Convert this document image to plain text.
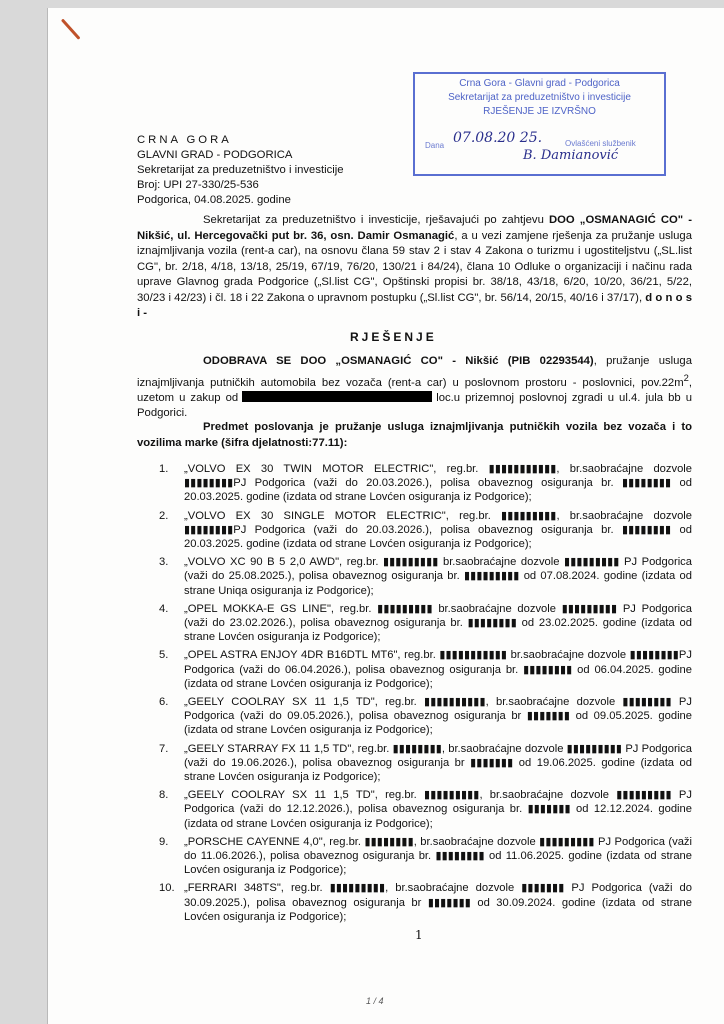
Crna Gora - Glavni grad - Podgorica
Sekretarijat za preduzetništvo i investicije
RJEŠENJE JE IZVRŠNO
Dana 07.08.20 25.	Ovlašćeni službenik
B. Damianović
CRNA GORA
GLAVNI GRAD - PODGORICA
Sekretarijat za preduzetništvo i investicije
Broj: UPI 27-330/25-536
Podgorica, 04.08.2025. godine
Sekretarijat za preduzetništvo i investicije, rješavajući po zahtjevu DOO „OSMANAGIĆ CO" - Nikšić, ul. Hercegovački put br. 36, osn. Damir Osmanagić, a u vezi zamjene rješenja za pružanje usluga iznajmljivanja vozila (rent-a car), na osnovu člana 59 stav 2 i stav 4 Zakona o turizmu i ugostiteljstvu („SL.list CG", br. 2/18, 4/18, 13/18, 25/19, 67/19, 76/20, 130/21 i 84/24), člana 10 Odluke o organizaciji i načinu rada uprave Glavnog grada Podgorice („Sl.list CG", Opštinski propisi br. 38/18, 43/18, 6/20, 10/20, 36/21, 5/22, 30/23 i 42/23) i čl. 18 i 22 Zakona o upravnom postupku („Sl.list CG", br. 56/14, 20/15, 40/16 i 37/17), d o n o s i -
RJEŠENJE
ODOBRAVA SE DOO „OSMANAGIĆ CO" - Nikšić (PIB 02293544), pružanje usluga iznajmljivanja putničkih automobila bez vozača (rent-a car) u poslovnom prostoru - poslovnici, $pov.22m^2$, uzetom u zakup od	loc.u prizemnoj poslovnoj zgradi u ul.4. jula bb u Podgorici.
Predmet poslovanja je pružanje usluga iznajmljivanja putničkih vozila bez vozača i to vozilima marke (šifra djelatnosti:77.11):
1. „VOLVO EX 30 TWIN MOTOR ELECTRIC", reg.br. ▮▮▮▮▮▮▮▮▮▮▮, br.saobraćajne dozvole ▮▮▮▮▮▮▮▮PJ Podgorica (važi do 20.03.2026.), polisa obaveznog osiguranja br. ▮▮▮▮▮▮▮▮ od 20.03.2025. godine (izdata od strane Lovćen osiguranja iz Podgorice);
2. „VOLVO EX 30 SINGLE MOTOR ELECTRIC", reg.br. ▮▮▮▮▮▮▮▮▮, br.saobraćajne dozvole ▮▮▮▮▮▮▮▮PJ Podgorica (važi do 20.03.2026.), polisa obaveznog osiguranja br. ▮▮▮▮▮▮▮▮ od 20.03.2025. godine (izdata od strane Lovćen osiguranja iz Podgorice);
3. „VOLVO XC 90 B 5 2,0 AWD", reg.br. ▮▮▮▮▮▮▮▮▮ br.saobraćajne dozvole ▮▮▮▮▮▮▮▮▮ PJ Podgorica (važi do 25.08.2025.), polisa obaveznog osiguranja br. ▮▮▮▮▮▮▮▮▮ od 07.08.2024. godine (izdata od strane Uniqa osiguranja iz Podgorice);
4. „OPEL MOKKA-E GS LINE", reg.br. ▮▮▮▮▮▮▮▮▮ br.saobraćajne dozvole ▮▮▮▮▮▮▮▮▮ PJ Podgorica (važi do 23.02.2026.), polisa obaveznog osiguranja br. ▮▮▮▮▮▮▮▮ od 23.02.2025. godine (izdata od strane Lovćen osiguranja iz Podgorice);
5. „OPEL ASTRA ENJOY 4DR B16DTL MT6", reg.br. ▮▮▮▮▮▮▮▮▮▮▮ br.saobraćajne dozvole ▮▮▮▮▮▮▮▮PJ Podgorica (važi do 06.04.2026.), polisa obaveznog osiguranja br. ▮▮▮▮▮▮▮▮ od 06.04.2025. godine (izdata od strane Lovćen osiguranja iz Podgorice);
6. „GEELY COOLRAY SX 11 1,5 TD", reg.br. ▮▮▮▮▮▮▮▮▮▮, br.saobraćajne dozvole ▮▮▮▮▮▮▮▮ PJ Podgorica (važi do 09.05.2026.), polisa obaveznog osiguranja br ▮▮▮▮▮▮▮ od 09.05.2025. godine (izdata od strane Lovćen osiguranja iz Podgorice);
7. „GEELY STARRAY FX 11 1,5 TD", reg.br. ▮▮▮▮▮▮▮▮, br.saobraćajne dozvole ▮▮▮▮▮▮▮▮▮ PJ Podgorica (važi do 19.06.2026.), polisa obaveznog osiguranja br ▮▮▮▮▮▮▮ od 19.06.2025. godine (izdata od strane Lovćen osiguranja iz Podgorice);
8. „GEELY COOLRAY SX 11 1,5 TD", reg.br. ▮▮▮▮▮▮▮▮▮, br.saobraćajne dozvole ▮▮▮▮▮▮▮▮▮ PJ Podgorica (važi do 12.12.2026.), polisa obaveznog osiguranja br. ▮▮▮▮▮▮▮ od 12.12.2024. godine (izdata od strane Lovćen osiguranja iz Podgorice);
9. „PORSCHE CAYENNE 4,0", reg.br. ▮▮▮▮▮▮▮▮, br.saobraćajne dozvole ▮▮▮▮▮▮▮▮▮ PJ Podgorica (važi do 11.06.2026.), polisa obaveznog osiguranja br. ▮▮▮▮▮▮▮▮ od 11.06.2025. godine (izdata od strane Lovćen osiguranja iz Podgorice);
10. „FERRARI 348TS", reg.br. ▮▮▮▮▮▮▮▮▮, br.saobraćajne dozvole ▮▮▮▮▮▮▮ PJ Podgorica (važi do 30.09.2025.), polisa obaveznog osiguranja br ▮▮▮▮▮▮▮ od 30.09.2024. godine (izdata od strane Lovćen osiguranja iz Podgorice);
1
1 / 4
